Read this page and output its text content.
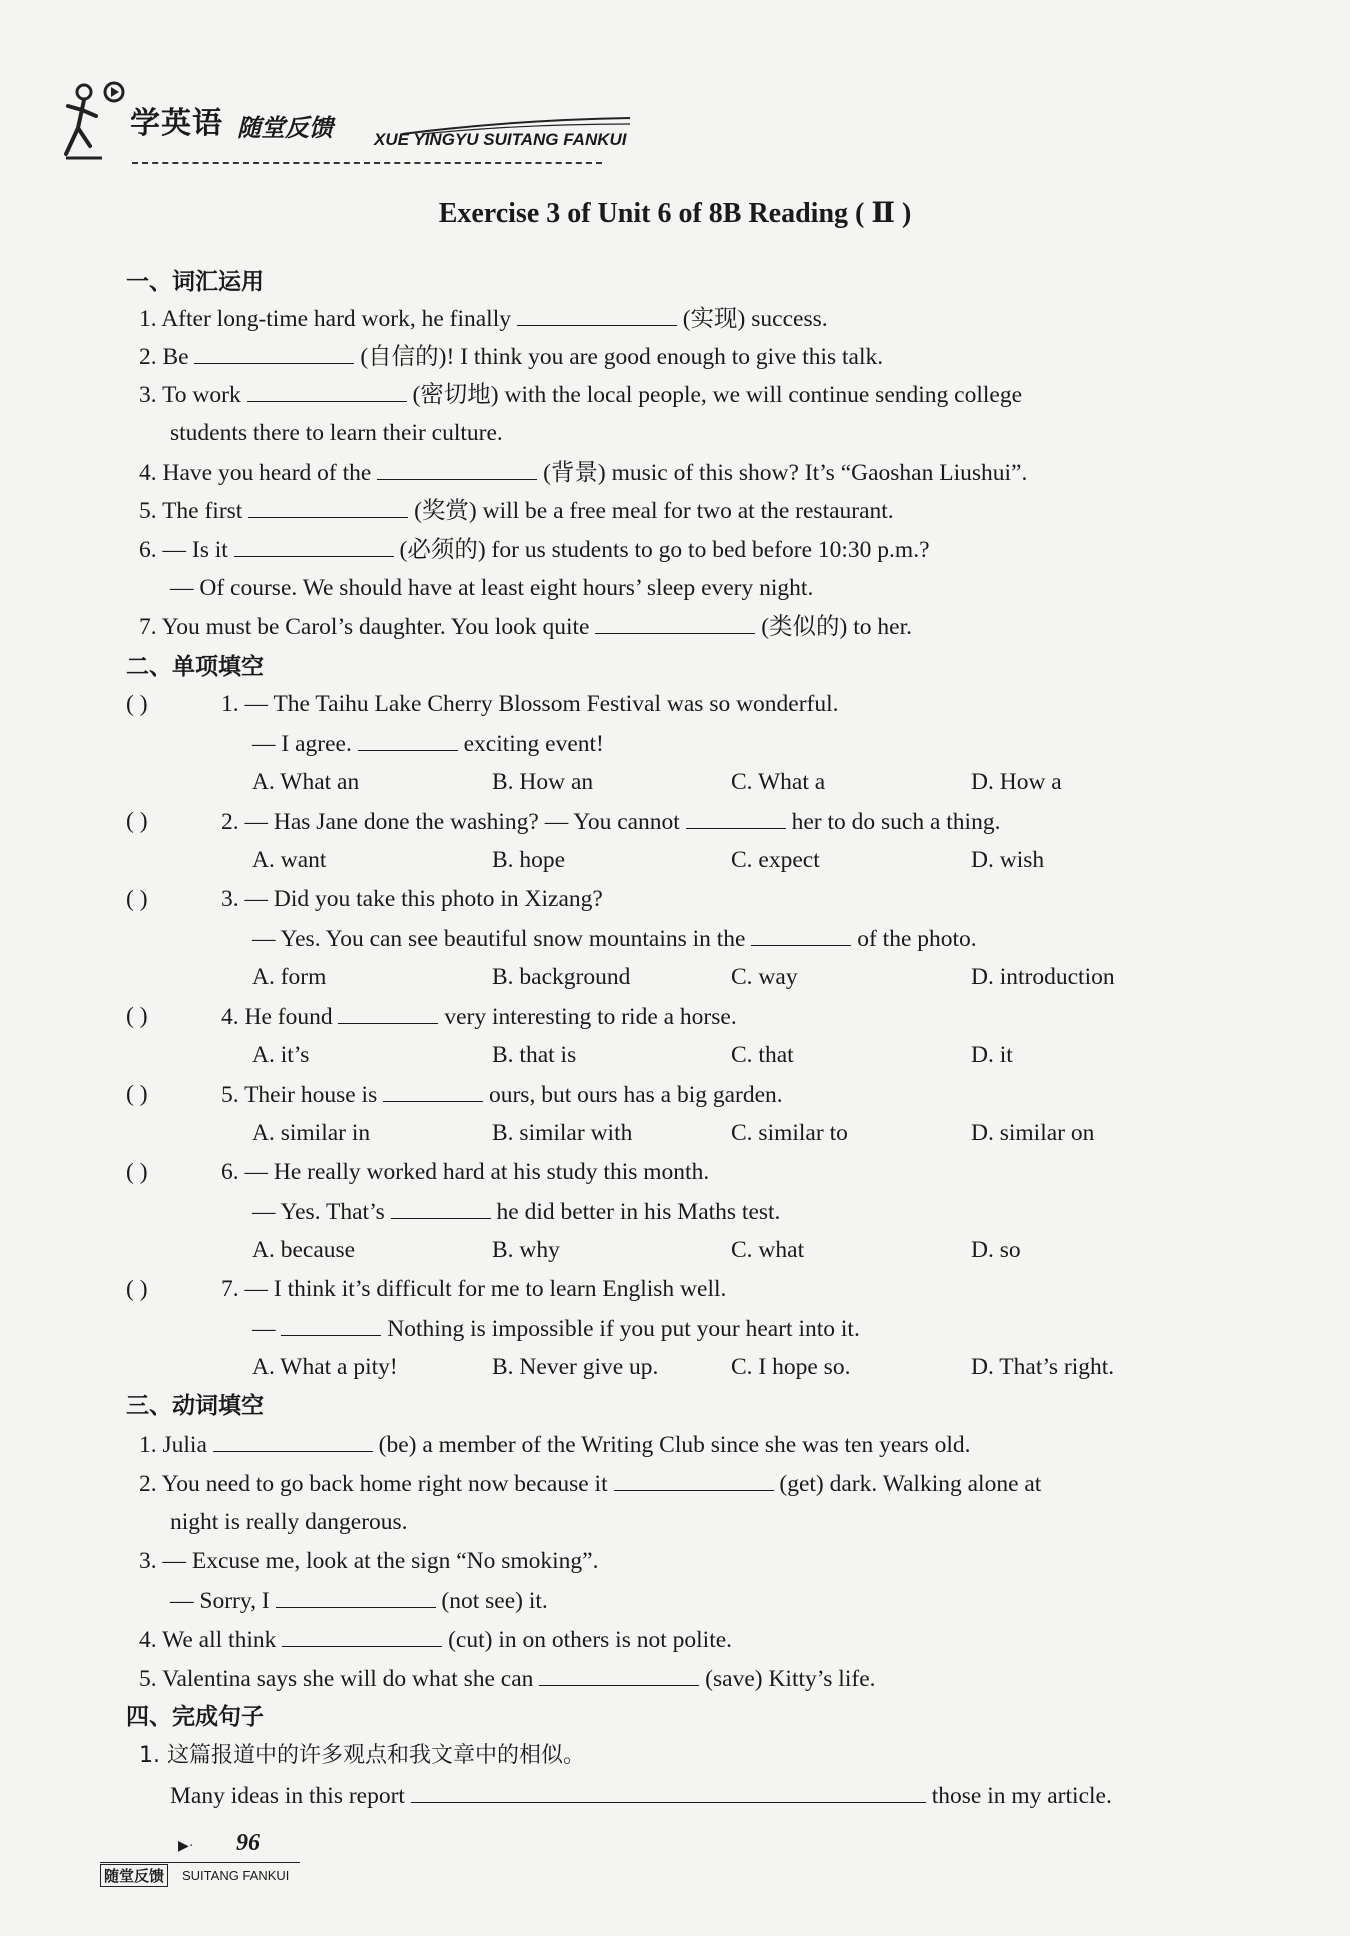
学英语 随堂反馈 XUE YINGYU SUITANG FANKUI
Exercise 3 of Unit 6 of 8B Reading ( Ⅱ )
一、词汇运用
1. After long-time hard work, he finally	(实现) success.
2. Be	(自信的)! I think you are good enough to give this talk.
3. To work	(密切地) with the local people, we will continue sending college
students there to learn their culture.
4. Have you heard of the	(背景) music of this show? It’s “Gaoshan Liushui”.
5. The first	(奖赏) will be a free meal for two at the restaurant.
6. — Is it	(必须的) for us students to go to bed before 10:30 p.m.?
— Of course. We should have at least eight hours’ sleep every night.
7. You must be Carol’s daughter. You look quite	(类似的) to her.
二、单项填空
( )	1. — The Taihu Lake Cherry Blossom Festival was so wonderful.
— I agree.	exciting event!
A. What an	B. How an	C. What a	D. How a
( )	2. — Has Jane done the washing? — You cannot	her to do such a thing.
A. want	B. hope	C. expect	D. wish
( )	3. — Did you take this photo in Xizang?
— Yes. You can see beautiful snow mountains in the	of the photo.
A. form	B. background	C. way	D. introduction
( )	4. He found	very interesting to ride a horse.
A. it’s	B. that is	C. that	D. it
( )	5. Their house is	ours, but ours has a big garden.
A. similar in	B. similar with	C. similar to	D. similar on
( )	6. — He really worked hard at his study this month.
— Yes. That’s	he did better in his Maths test.
A. because	B. why	C. what	D. so
( )	7. — I think it’s difficult for me to learn English well.
—	Nothing is impossible if you put your heart into it.
A. What a pity!	B. Never give up.	C. I hope so.	D. That’s right.
三、动词填空
1. Julia	(be) a member of the Writing Club since she was ten years old.
2. You need to go back home right now because it	(get) dark. Walking alone at
night is really dangerous.
3. — Excuse me, look at the sign “No smoking”.
— Sorry, I	(not see) it.
4. We all think	(cut) in on others is not polite.
5. Valentina says she will do what she can	(save) Kitty’s life.
四、完成句子
1. 这篇报道中的许多观点和我文章中的相似。
Many ideas in this report	those in my article.
▶· 96
随堂反馈	SUITANG FANKUI
